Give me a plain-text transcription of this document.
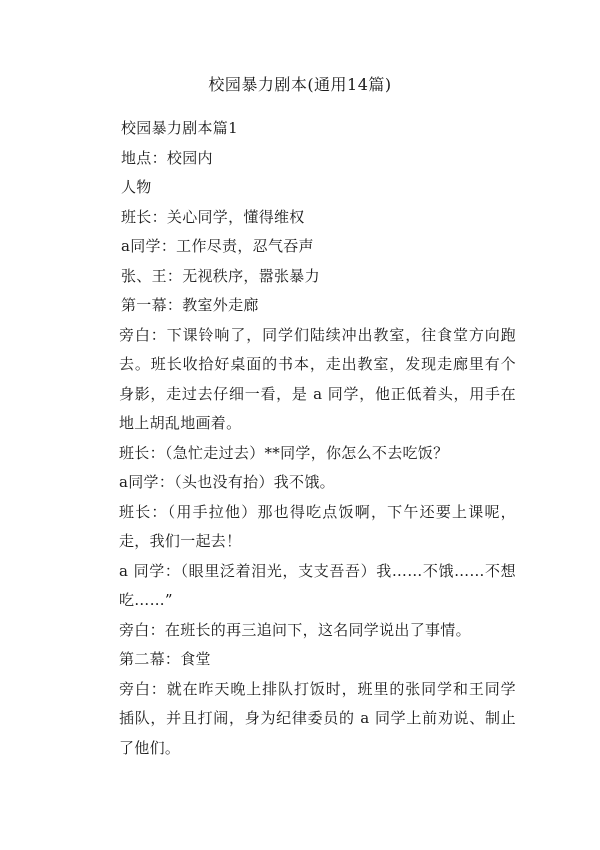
校园暴力剧本(通用14篇)

校园暴力剧本篇1

地点：校园内

人物

班长：关心同学，懂得维权

a同学：工作尽责，忍气吞声

张、王：无视秩序，嚣张暴力

第一幕：教室外走廊

旁白：下课铃响了，同学们陆续冲出教室，往食堂方向跑去。班长收拾好桌面的书本，走出教室，发现走廊里有个身影，走过去仔细一看，是 a 同学，他正低着头，用手在地上胡乱地画着。

班长：（急忙走过去）**同学，你怎么不去吃饭？

a同学：（头也没有抬）我不饿。

班长：（用手拉他）那也得吃点饭啊，下午还要上课呢，走，我们一起去！

a 同学：（眼里泛着泪光，支支吾吾）我……不饿……不想吃……”

旁白：在班长的再三追问下，这名同学说出了事情。

第二幕：食堂

旁白：就在昨天晚上排队打饭时，班里的张同学和王同学插队，并且打闹，身为纪律委员的 a 同学上前劝说、制止了他们。
